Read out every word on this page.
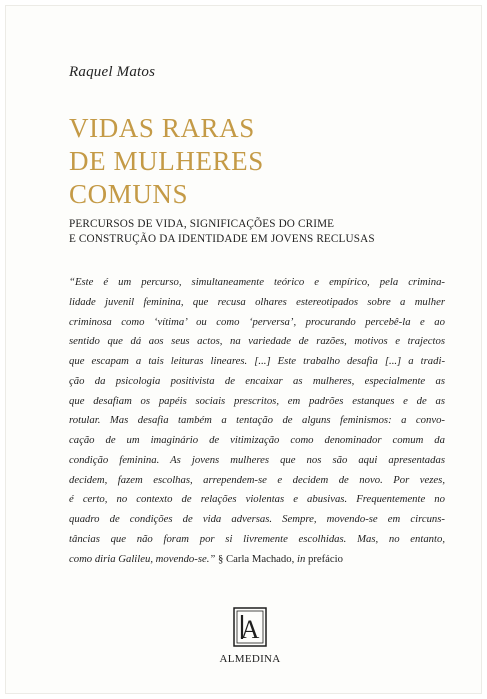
Raquel Matos
VIDAS RARAS
DE MULHERES
COMUNS
PERCURSOS DE VIDA, SIGNIFICAÇÕES DO CRIME
E CONSTRUÇÃO DA IDENTIDADE EM JOVENS RECLUSAS
“Este é um percurso, simultaneamente teórico e empírico, pela crimina-
lidade juvenil feminina, que recusa olhares estereotipados sobre a mulher
criminosa como ‘vítima’ ou como ‘perversa’, procurando percebê-la e ao
sentido que dá aos seus actos, na variedade de razões, motivos e trajectos
que escapam a tais leituras lineares. [...] Este trabalho desafia [...] a tradi-
ção da psicologia positivista de encaixar as mulheres, especialmente as
que desafiam os papéis sociais prescritos, em padrões estanques e de as
rotular. Mas desafia também a tentação de alguns feminismos: a convo-
cação de um imaginário de vitimização como denominador comum da
condição feminina. As jovens mulheres que nos são aqui apresentadas
decidem, fazem escolhas, arrependem-se e decidem de novo. Por vezes,
é certo, no contexto de relações violentas e abusivas. Frequentemente no
quadro de condições de vida adversas. Sempre, movendo-se em circuns-
tâncias que não foram por si livremente escolhidas. Mas, no entanto,
como diria Galileu, movendo-se.” § Carla Machado, in prefácio
A
ALMEDINA
